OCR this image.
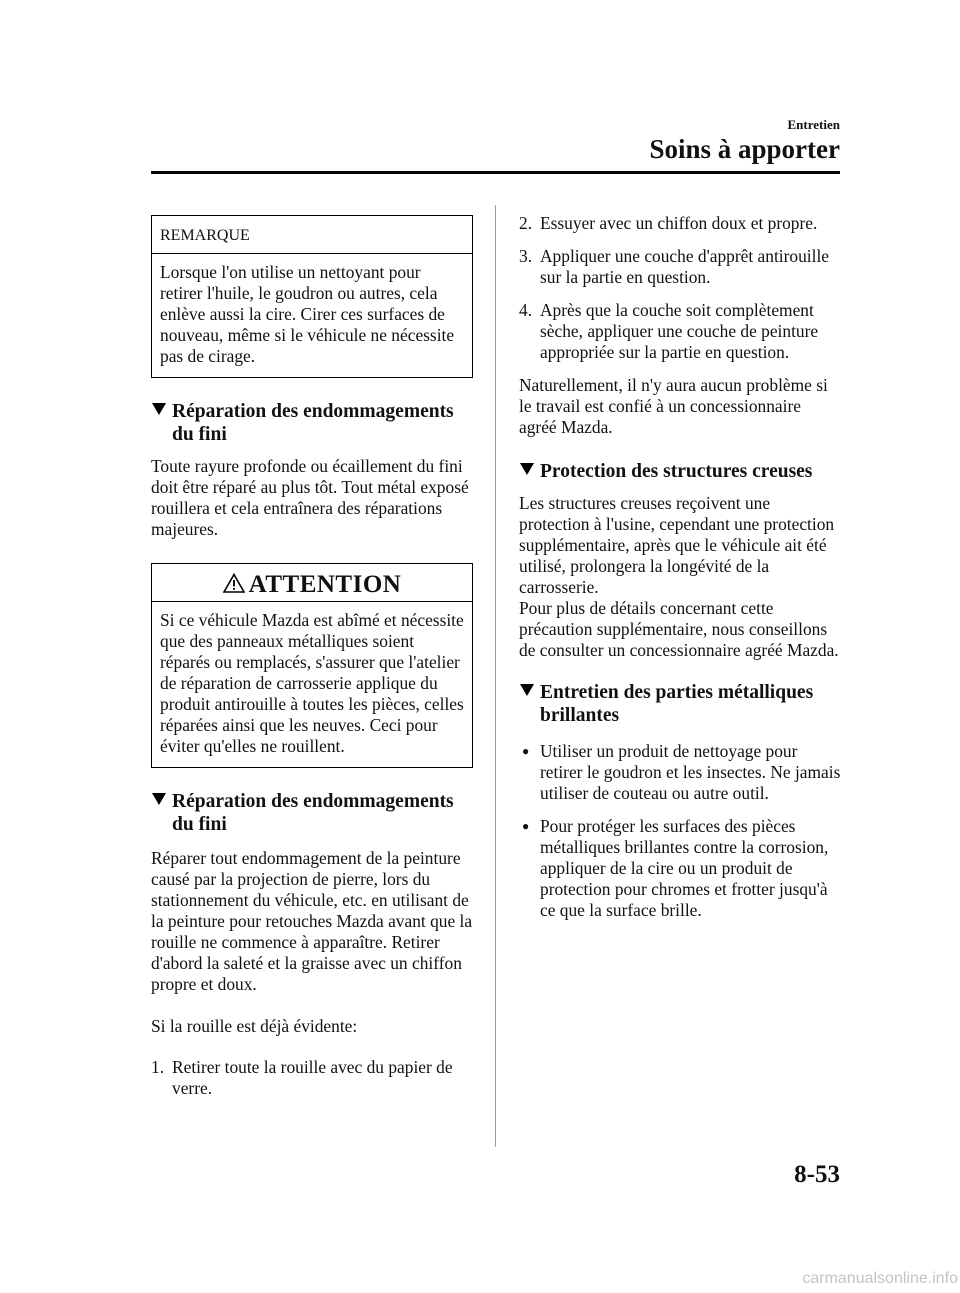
Entretien
Soins à apporter
REMARQUE
Lorsque l'on utilise un nettoyant pour retirer l'huile, le goudron ou autres, cela enlève aussi la cire. Cirer ces surfaces de nouveau, même si le véhicule ne nécessite pas de cirage.
Réparation des endommagements du fini

Toute rayure profonde ou écaillement du fini doit être réparé au plus tôt. Tout métal exposé rouillera et cela entraînera des réparations majeures.

ATTENTION
Si ce véhicule Mazda est abîmé et nécessite que des panneaux métalliques soient réparés ou remplacés, s'assurer que l'atelier de réparation de carrosserie applique du produit antirouille à toutes les pièces, celles réparées ainsi que les neuves. Ceci pour éviter qu'elles ne rouillent.
Réparation des endommagements du fini

Réparer tout endommagement de la peinture causé par la projection de pierre, lors du stationnement du véhicule, etc. en utilisant de la peinture pour retouches Mazda avant que la rouille ne commence à apparaître. Retirer d'abord la saleté et la graisse avec un chiffon propre et doux.

Si la rouille est déjà évidente:

1. Retirer toute la rouille avec du papier de verre.
2. Essuyer avec un chiffon doux et propre.
3. Appliquer une couche d'apprêt antirouille sur la partie en question.
4. Après que la couche soit complètement sèche, appliquer une couche de peinture appropriée sur la partie en question.

Naturellement, il n'y aura aucun problème si le travail est confié à un concessionnaire agréé Mazda.

Protection des structures creuses

Les structures creuses reçoivent une protection à l'usine, cependant une protection supplémentaire, après que le véhicule ait été utilisé, prolongera la longévité de la carrosserie.

Pour plus de détails concernant cette précaution supplémentaire, nous conseillons de consulter un concessionnaire agréé Mazda.

Entretien des parties métalliques brillantes
● Utiliser un produit de nettoyage pour retirer le goudron et les insectes. Ne jamais utiliser de couteau ou autre outil.
● Pour protéger les surfaces des pièces métalliques brillantes contre la corrosion, appliquer de la cire ou un produit de protection pour chromes et frotter jusqu'à ce que la surface brille.
8-53
carmanualsonline.info
